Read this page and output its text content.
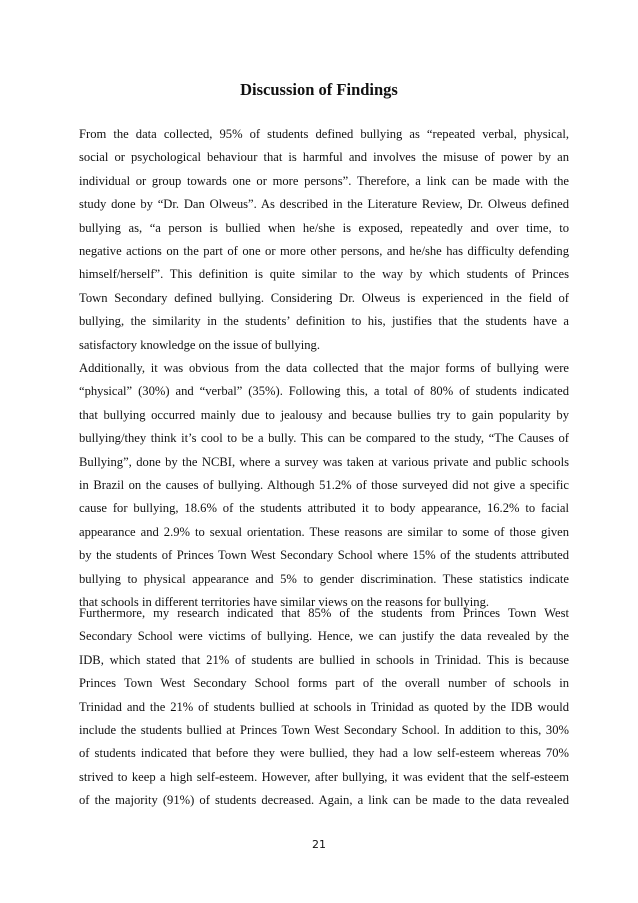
Discussion of Findings
From the data collected, 95% of students defined bullying as “repeated verbal, physical,
social or psychological behaviour that is harmful and involves the misuse of power by an
individual or group towards one or more persons”. Therefore, a link can be made with the
study done by “Dr. Dan Olweus”. As described in the Literature Review, Dr. Olweus defined
bullying as, “a person is bullied when he/she is exposed, repeatedly and over time, to
negative actions on the part of one or more other persons, and he/she has difficulty defending
himself/herself”. This definition is quite similar to the way by which students of Princes
Town Secondary defined bullying. Considering Dr. Olweus is experienced in the field of
bullying, the similarity in the students’ definition to his, justifies that the students have a
satisfactory knowledge on the issue of bullying.
Additionally, it was obvious from the data collected that the major forms of bullying were
“physical” (30%) and “verbal” (35%). Following this, a total of 80% of students indicated
that bullying occurred mainly due to jealousy and because bullies try to gain popularity by
bullying/they think it’s cool to be a bully. This can be compared to the study, “The Causes of
Bullying”, done by the NCBI, where a survey was taken at various private and public schools
in Brazil on the causes of bullying. Although 51.2% of those surveyed did not give a specific
cause for bullying, 18.6% of the students attributed it to body appearance, 16.2% to facial
appearance and 2.9% to sexual orientation. These reasons are similar to some of those given
by the students of Princes Town West Secondary School where 15% of the students attributed
bullying to physical appearance and 5% to gender discrimination. These statistics indicate
that schools in different territories have similar views on the reasons for bullying.
Furthermore, my research indicated that 85% of the students from Princes Town West
Secondary School were victims of bullying. Hence, we can justify the data revealed by the
IDB, which stated that 21% of students are bullied in schools in Trinidad. This is because
Princes Town West Secondary School forms part of the overall number of schools in
Trinidad and the 21% of students bullied at schools in Trinidad as quoted by the IDB would
include the students bullied at Princes Town West Secondary School. In addition to this, 30%
of students indicated that before they were bullied, they had a low self-esteem whereas 70%
strived to keep a high self-esteem. However, after bullying, it was evident that the self-esteem
of the majority (91%) of students decreased. Again, a link can be made to the data revealed
21
